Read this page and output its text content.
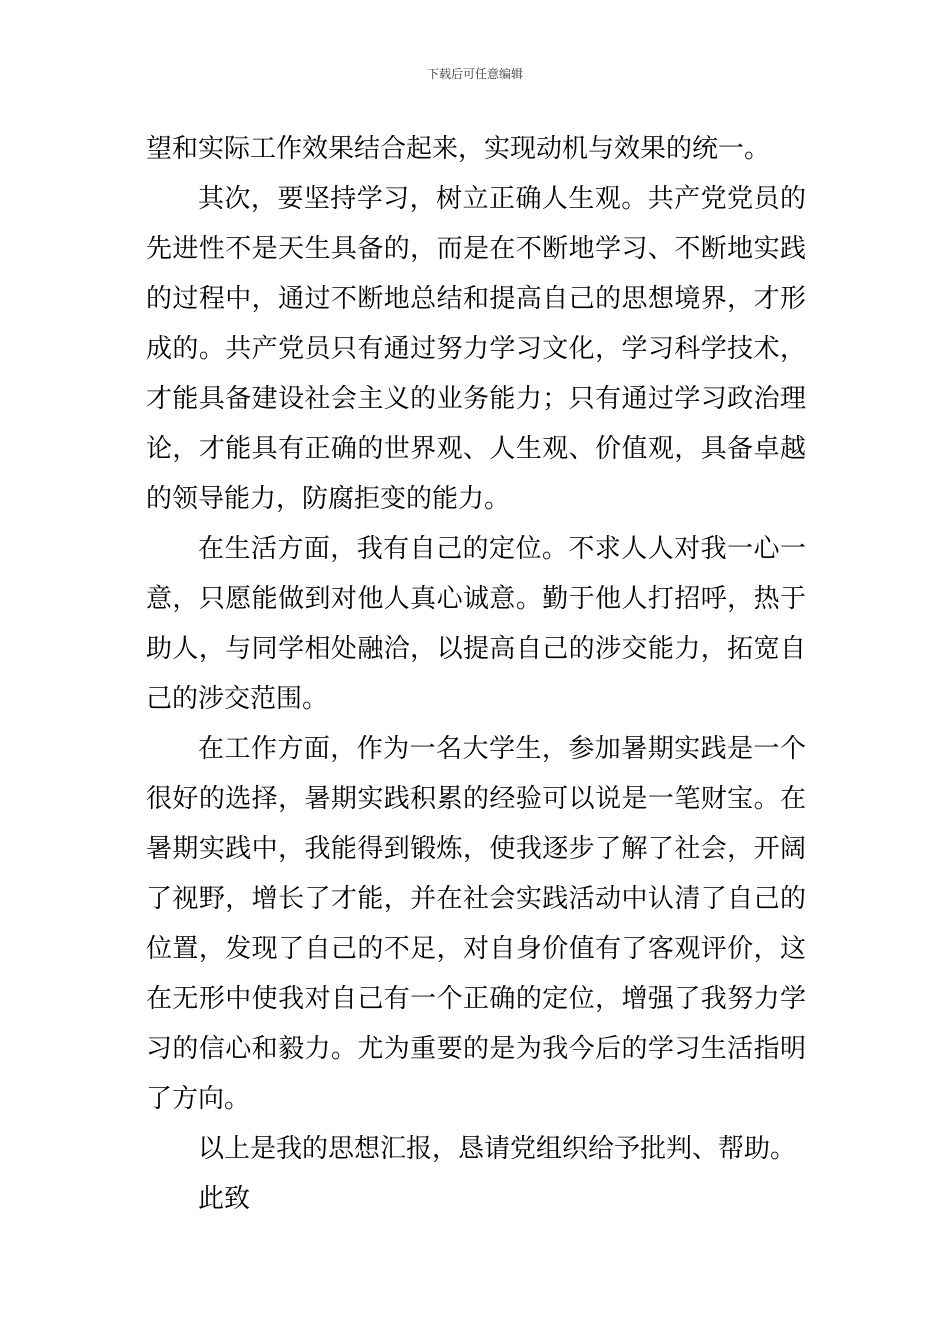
下载后可任意编辑
望和实际工作效果结合起来，实现动机与效果的统一。
其次，要坚持学习，树立正确人生观。共产党党员的
先进性不是天生具备的，而是在不断地学习、不断地实践
的过程中，通过不断地总结和提高自己的思想境界，才形
成的。共产党员只有通过努力学习文化，学习科学技术，
才能具备建设社会主义的业务能力；只有通过学习政治理
论，才能具有正确的世界观、人生观、价值观，具备卓越
的领导能力，防腐拒变的能力。
在生活方面，我有自己的定位。不求人人对我一心一
意，只愿能做到对他人真心诚意。勤于他人打招呼，热于
助人，与同学相处融洽，以提高自己的涉交能力，拓宽自
己的涉交范围。
在工作方面，作为一名大学生，参加暑期实践是一个
很好的选择，暑期实践积累的经验可以说是一笔财宝。在
暑期实践中，我能得到锻炼，使我逐步了解了社会，开阔
了视野，增长了才能，并在社会实践活动中认清了自己的
位置，发现了自己的不足，对自身价值有了客观评价，这
在无形中使我对自己有一个正确的定位，增强了我努力学
习的信心和毅力。尤为重要的是为我今后的学习生活指明
了方向。
以上是我的思想汇报，恳请党组织给予批判、帮助。
此致
